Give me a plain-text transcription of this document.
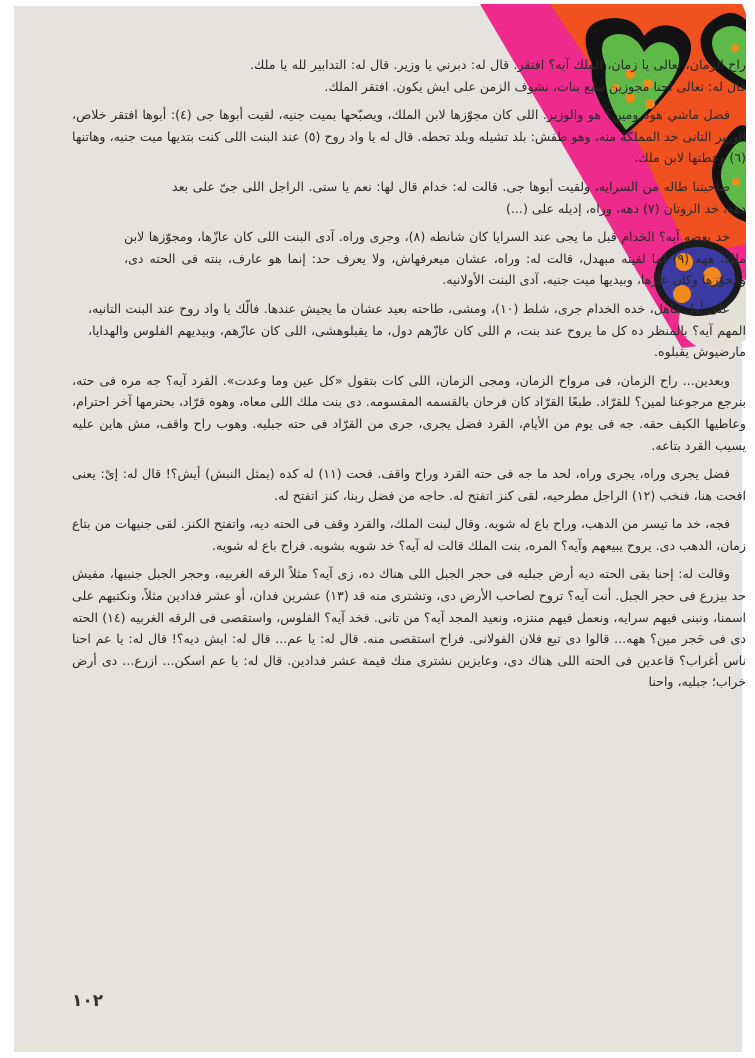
راح الزمان، تعالى يا زمان، الملك آيه؟ افتقر. قال له: دبرني يا وزير. قال له: التدابير لله يا ملك. قال له: تعالى احنا مجوزين سبع بنات، نشوف الزمن على ايش يكون. افتقر الملك.

فضل ماشي هوه ومين؟ هو والوزير. اللى كان مجوّزها لابن الملك، ويصبّحها بميت جنيه، لقيت أبوها جى (٤): أبوها افتقر خلاص، الوزير التانى خد المملكه منه، وهو طفش: بلد تشيله وبلد تحطه. قال له يا واد روح (٥) عند البنت اللى كنت بتديها ميت جنيه، وهاتنها (٦) وعطتها لابن ملك.

صاحبتنا طاله من السرايه، ولقيت أبوها جى. قالت له: خدام قال لها: نعم يا ستى. الراجل اللى جىّ على بعد دهه، خد الروتان (٧) دهه، وراه، إديله على (...)

خد بعضه آيه؟ الخدام قبل ما يجى عند السرايا كان شانطه (٨)، وجرى وراه. آدى البنت اللى كان عازّها، ومجوّزها لابن ملك، ههه (٩) لما لقيته مبهدل، قالت له: وراه، عشان ميعرفهاش، ولا يعرف حد: إنما هو عارف، بنته فى الحته دى، ومجوّزها وكان عازّها، وبيديها ميت جنيه، آدى البنت الأولانيه.

على أول ماهل، خده الخدام جرى، شلط (١٠)، ومشى، طاحته بعيد عشان ما يجيش عندها. فالّك يا واد روح عند البنت التانيه، المهم آيه؟ بالمنظر ده كل ما يروح عند بنت، م اللى كان عازّهم دول، ما يقبلوهشى، اللى كان عازّهم، وبيديهم الفلوس والهدايا، مارضيوش يقبلوه.

وبعدين... راح الزمان، فى مرواح الزمان، ومجى الزمان، اللى كات بتقول «كل عين وما وعدت». القرد آيه؟ جه مره فى حته، بنرجع مرجوعنا لمين؟ للقرّاد. طبعًا القرّاد كان فرحان بالقسمه المقسومه. دى بنت ملك اللى معاه، وهوه قرّاد، بحترمها آخر احترام، وعاطيها الكيف حقه. جه فى يوم من الأيام، القرد فضل يجرى، جرى من القرّاد فى حته جبليه. وهوب راح واقف، مش هاين عليه يسيب القرد بتاعه.

فضل يجرى وراه، يجرى وراه، لحد ما جه فى حته القرد وراح واقف. فحت (١١) له كده (يمثل النبش) أيش؟! قال له: إىْ: يعنى افحت هنا، فنخب (١٢) الراجل مطرحيه، لقى كنز اتفتح له. حاجه من فضل ربنا، كنز اتفتح له.

فجه، خد ما تيسر من الدهب، وراح باع له شويه. وقال لبنت الملك، والقرد وقف فى الحته ديه، واتفتح الكنز. لقى جنيهات من بتاع زمان، الدهب دى. يروح يبيعهم وآيه؟ المره، بنت الملك قالت له آيه؟ خد شويه بشويه. فراح باع له شويه.

وقالت له: إحنا بقى الحته ديه أرض جبليه فى حجر الجبل اللى هناك ده، زى آيه؟ مثلاً الرقه الغربيه، وحجر الجبل جنبيها، مفيش حد بيزرع فى حجر الجبل. أنت آيه؟ تروح لصاحب الأرض دى، وتشترى منه قد (١٣) عشرين فدان، أو عشر فدادين مثلاً، ونكتبهم على اسمنا، ونبنى فيهم سرايه، ونعمل فيهم منتزه، ونعيد المجد آيه؟ من تانى. فخد آيه؟ الفلوس، واستقصى فى الرقه الغربيه (١٤) الحته دى فى حَجر مين؟ ههه... قالوا دى تبع فلان الفولانى. فراح استقصى منه. قال له: يا عم... قال له: ايش ديه؟! قال له: يا عم احنا ناس أغراب؟ قاعدين فى الحته اللى هناك دى، وعايزين نشترى منك قيمة عشر فدادين. قال له: يا عم اسكن... ازرع... دى أرض خراب؛ جبليه، واحنا

١٠٢
